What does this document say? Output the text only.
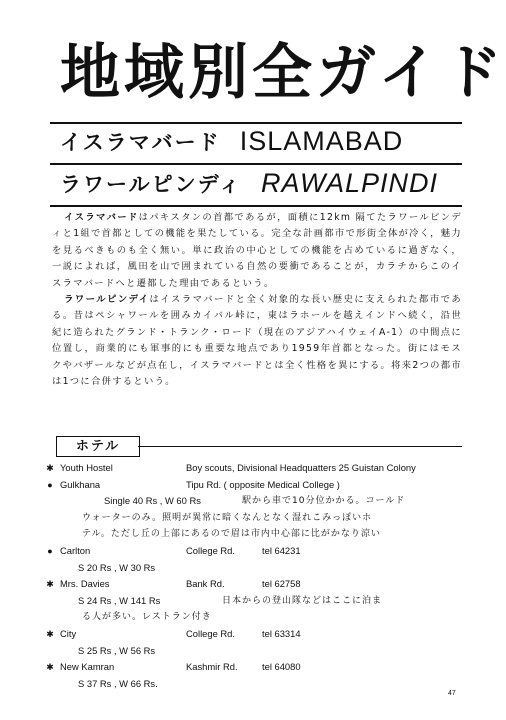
地域別全ガイド
イスラマバード ISLAMABAD
ラワールピンディ RAWALPINDI

イスラマバードはパキスタンの首都であるが，面積に12km 隔てたラワールピンディと1組で首都としての機能を果たしている。完全な計画都市で形街全体が冷く，魅力を見るべきものも全く無い。単に政治の中心としての機能を占めているに過ぎなく，一説によれば，風田を山で囲まれている自然の要衝であることが，カラチからこのイスラマバードへと遷都した理由であるという。

ラワールピンデイはイスラマバードと全く対象的な長い歴史に支えられた都市である。昔はペシャワールを囲みカイバル峠に，東はラホールを越えインドへ続く，沿世紀に造られたグランド・トランク・ロード（現在のアジアハイウェイA-1）の中間点に位置し，商業的にも軍事的にも重要な地点であり1959年首都となった。街にはモスクやバザールなどが点在し，イスラマバードとは全く性格を異にする。将来2つの都市は1つに合併するという。

ホテル
✱ Youth Hostel	Boy scouts, Divisional Headquatters 25 Guistan Colony
● Gulkhana	Tipu Rd. ( opposite Medical College )
Single 40 Rs , W 60 Rs	駅から車で10分位かかる。コールド
ウォーターのみ。照明が異常に暗くなんとなく湿れこみっぽいホ
テル。ただし丘の上部にあるので眉は市内中心部に比がかなり涼い
● Carlton	College Rd.	tel 64231
S 20 Rs , W 30 Rs
✱ Mrs. Davies	Bank Rd.	tel 62758
S 24 Rs , W 141 Rs	日本からの登山隊などはここに泊ま
る人が多い。レストラン付き
✱ City	College Rd.	tel 63314
S 25 Rs , W 56 Rs
✱ New Kamran	Kashmir Rd.	tel 64080
S 37 Rs , W 66 Rs.
47
